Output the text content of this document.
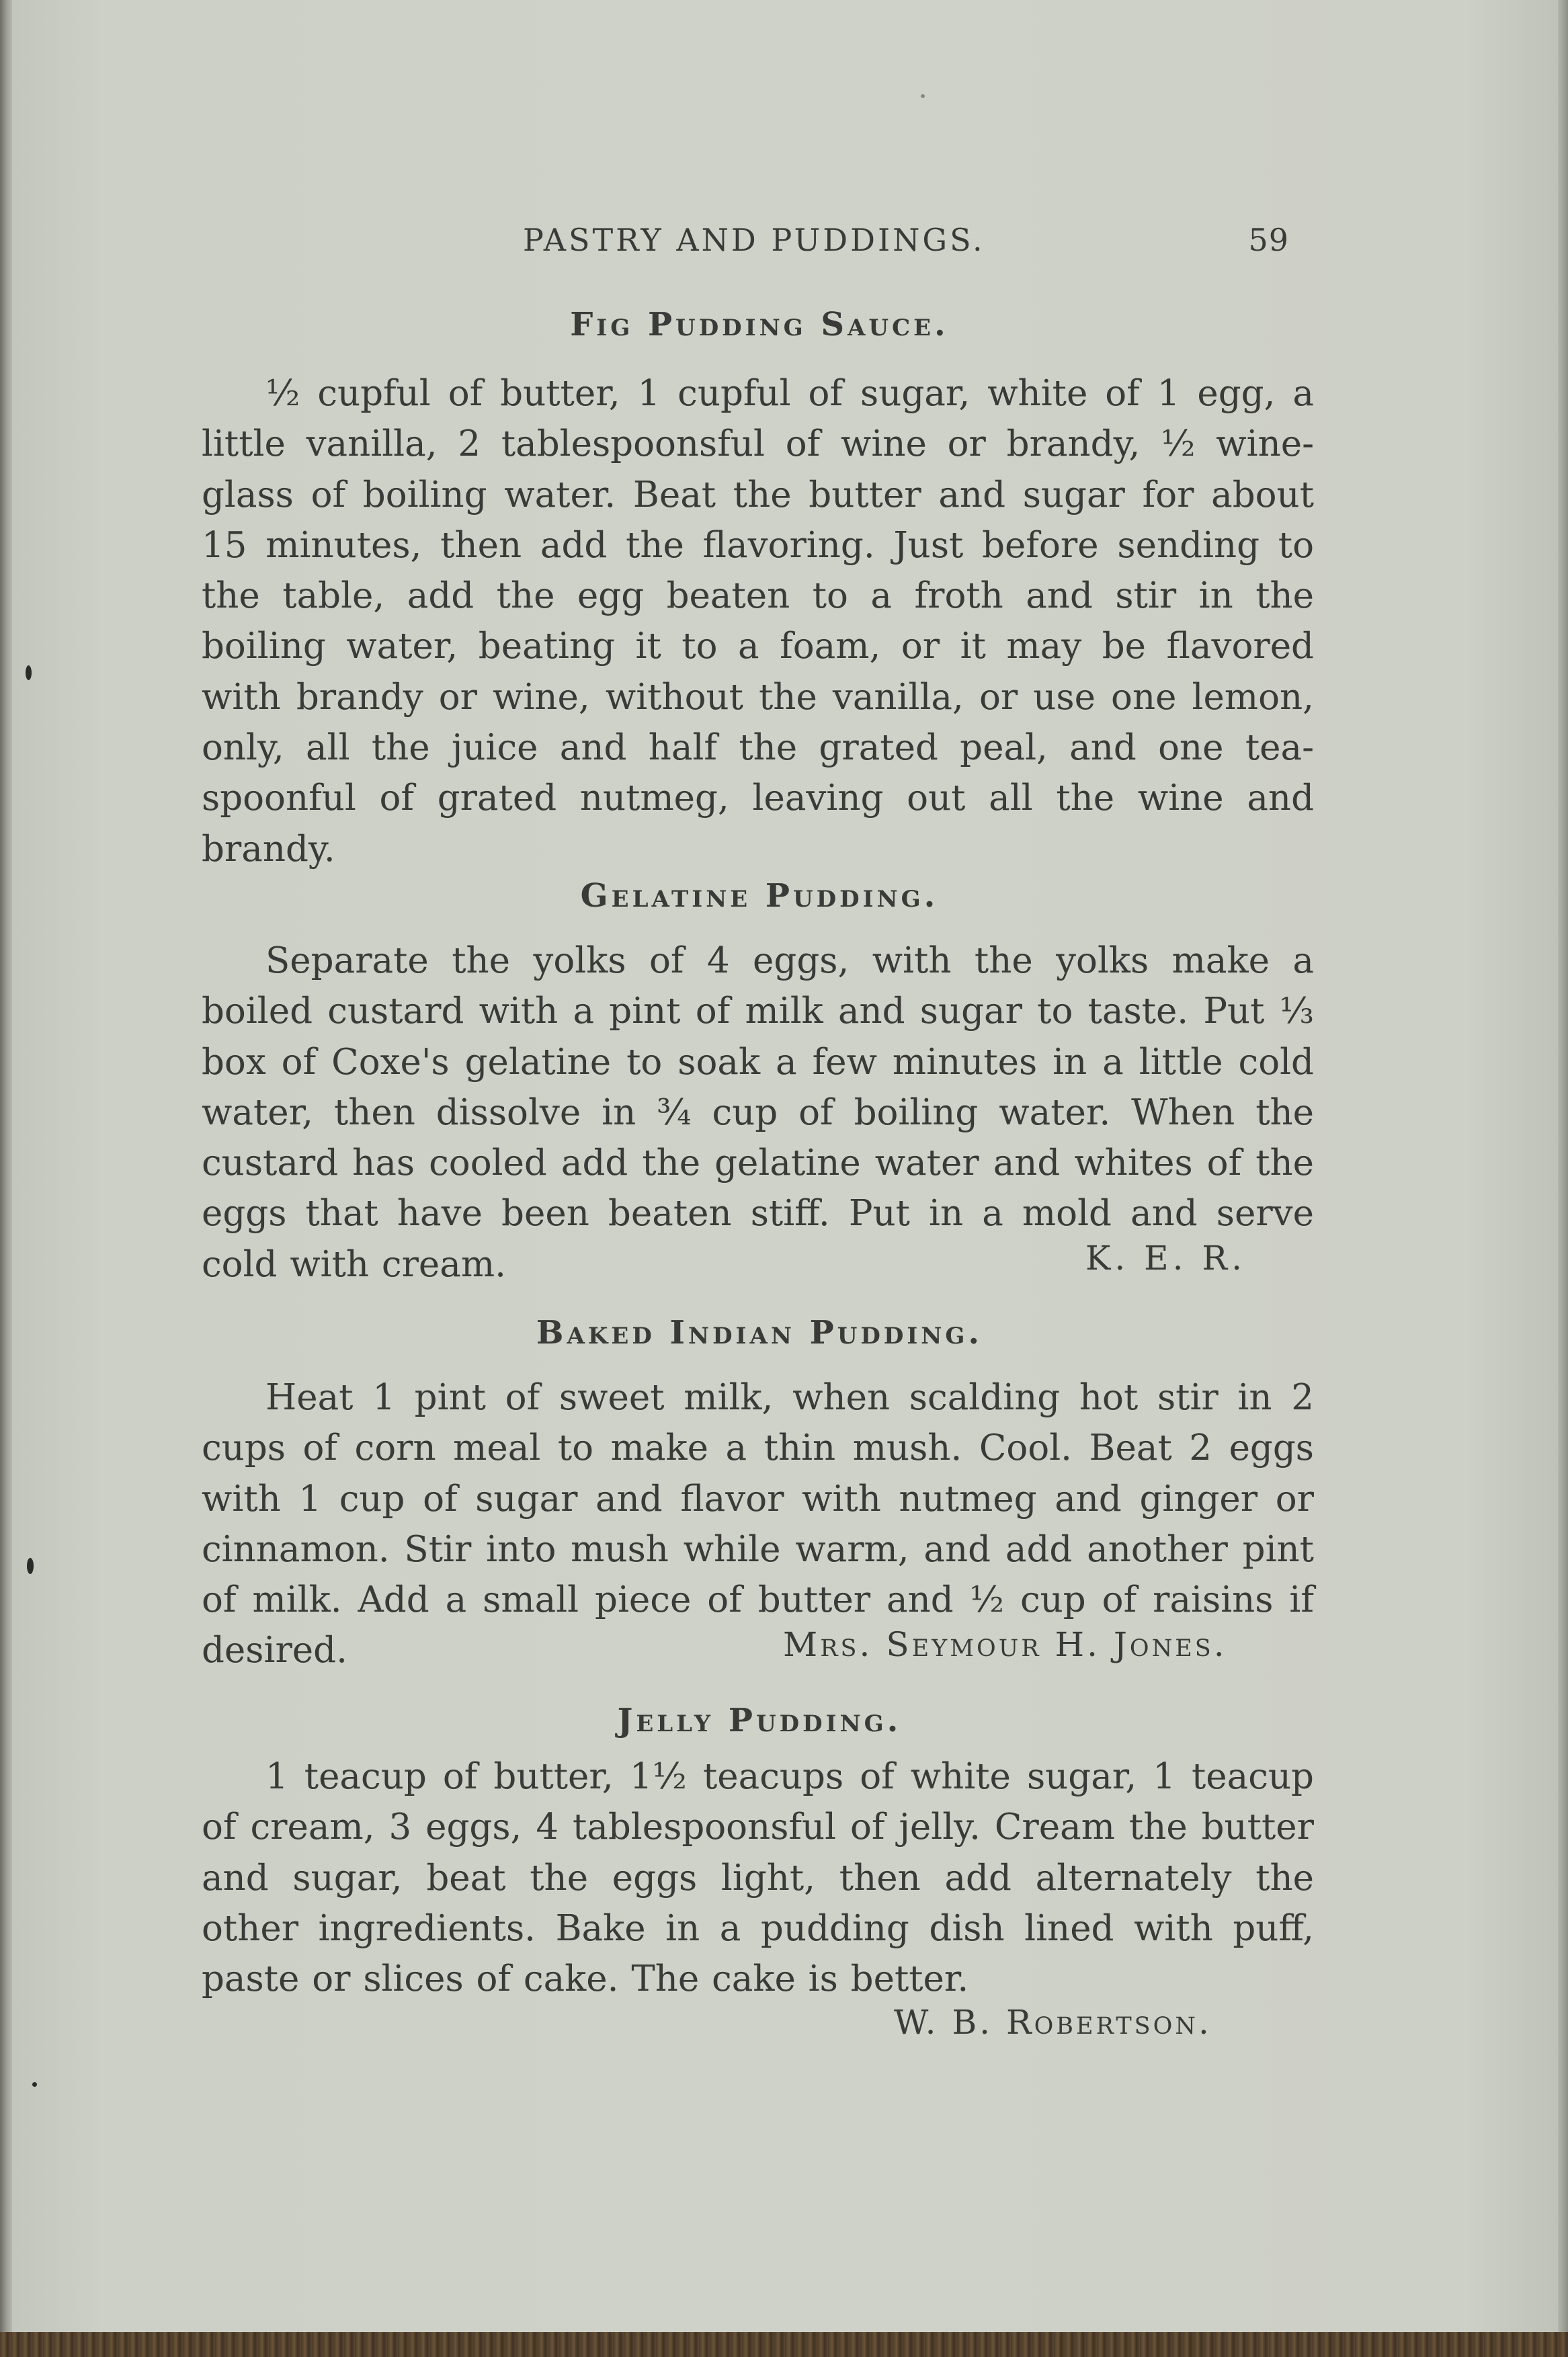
PASTRY AND PUDDINGS.	59
Fig Pudding Sauce.

½ cupful of butter, 1 cupful of sugar, white of 1 egg, a little vanilla, 2 tablespoonsful of wine or brandy, ½ wine-glass of boiling water. Beat the butter and sugar for about 15 minutes, then add the flavoring. Just before sending to the table, add the egg beaten to a froth and stir in the boiling water, beating it to a foam, or it may be flavored with brandy or wine, without the vanilla, or use one lemon, only, all the juice and half the grated peal, and one tea-spoonful of grated nutmeg, leaving out all the wine and brandy.

Gelatine Pudding.

Separate the yolks of 4 eggs, with the yolks make a boiled custard with a pint of milk and sugar to taste. Put ⅓ box of Coxe's gelatine to soak a few minutes in a little cold water, then dissolve in ¾ cup of boiling water. When the custard has cooled add the gelatine water and whites of the eggs that have been beaten stiff. Put in a mold and serve cold with cream.	K. E. R.
Baked Indian Pudding.

Heat 1 pint of sweet milk, when scalding hot stir in 2 cups of corn meal to make a thin mush. Cool. Beat 2 eggs with 1 cup of sugar and flavor with nutmeg and ginger or cinnamon. Stir into mush while warm, and add another pint of milk. Add a small piece of butter and ½ cup of raisins if desired.	Mrs. Seymour H. Jones.
Jelly Pudding.

1 teacup of butter, 1½ teacups of white sugar, 1 teacup of cream, 3 eggs, 4 tablespoonsful of jelly. Cream the butter and sugar, beat the eggs light, then add alternately the other ingredients. Bake in a pudding dish lined with puff, paste or slices of cake. The cake is better.

W. B. Robertson.
